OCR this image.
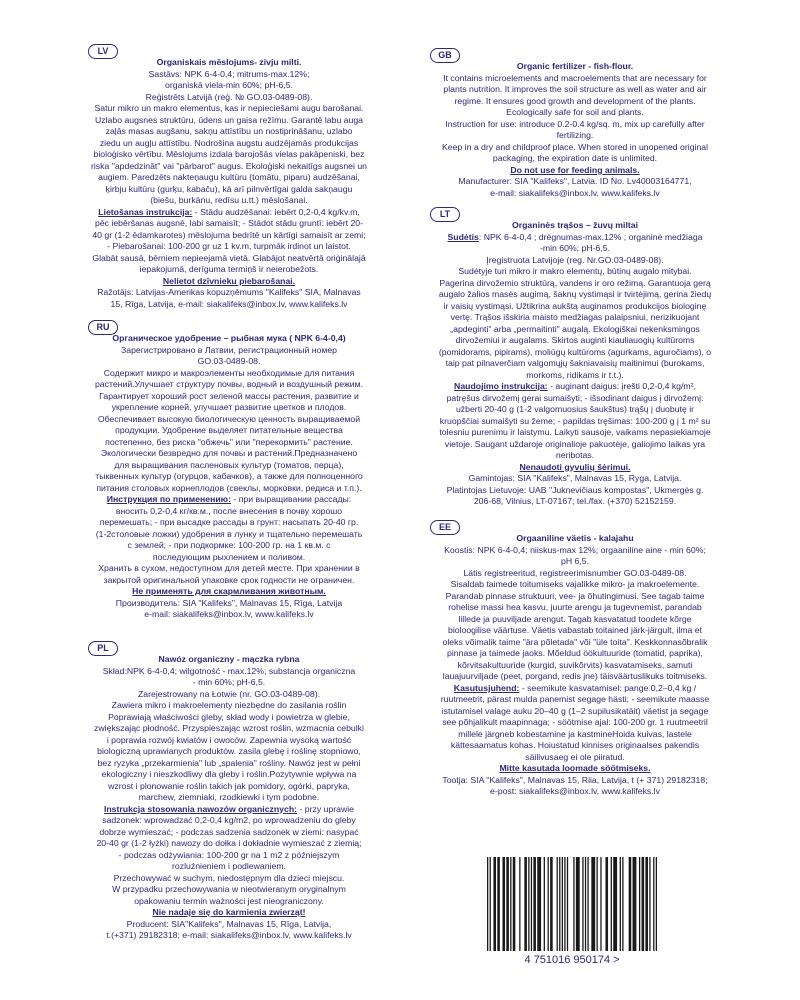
LV
Organiskais mēslojums- zivju milti.
Sastāvs: NPK 6-4-0,4; mitrums-max.12%;
organiskā viela-min 60%; pH-6,5.
Reģistrēts Latvijā (reģ. № GO.03-0489-08).
Satur mikro un makro elementus, kas ir nepieciešami augu barošanai.
Uzlabo augsnes struktūru, ūdens un gaisa režīmu. Garantē labu auga
zaļās masas augšanu, sakņu attīstību un nostiprināšanu, uzlabo
ziedu un augļu attīstību. Nodrošina augstu audzējamās produkcijas
bioloģisko vērtību. Mēslojums izdala barojošās vielas pakāpeniski, bez
riska "apdedzināt" vai "pārbarot" augus. Ekoloģiski nekaitīgs augsnei un
augiem. Paredzēts nakteņaugu kultūru (tomātu, piparu) audzēšanai,
ķirbju kultūru (gurķu, kabaču), kā arī pilnvērtīgai galda sakņaugu
(biešu, burkānu, redīsu u.tt.) mēslošanai.
Lietošanas instrukcija: - Stādu audzēšanai: iebērt 0,2-0,4 kg/kv.m,
pēc iebēršanas augsnē, labi samaisīt; - Stādot stādu gruntī: iebērt 20-
40 gr (1-2 ēdamkarotes) mēslojuma bedrītē un kārtīgi samaisīt ar zemi;
- Piebarošanai: 100-200 gr uz 1 kv.m, turpmāk irdinot un laistot.
Glabāt sausā, bērniem nepieejamā vietā. Glabājot neatvērtā oriģinālajā
iepakojumā, derīguma termiņš ir neierobežots.
Nelietot dzīvnieku piebarošanai.
Ražotājs: Latvijas-Amerikas kopuzņēmums "Kalifeks" SIA, Malnavas
15, Rīga, Latvija, e-mail: siakalifeks@inbox.lv, www.kalifeks.lv
RU
Органическое удобрение – рыбная мука ( NPK 6-4-0,4)
Зарегистрировано в Латвии, регистрационный номер
GO.03-0489-08.
Содержит микро и макроэлементы необходимые для питания
растений.Улучшает структуру почвы, водный и воздушный режим.
Гарантирует хороший рост зеленой массы растения, развитие и
укрепление корней, улучшает развитие цветков и плодов.
Обеспечивает высокую биологическую ценность выращиваемой
продукции. Удобрение выделяет питательные вещества
постепенно, без риска "обжечь" или "перекормить" растение.
Экологически безвредно для почвы и растений.Предназначено
для выращивания пасленовых культур (томатов, перца),
тыквенных культур (огурцов, кабачков), а также для полноценного
питания столовых корнеплодов (свеклы, морковки, редиса и т.п.).
Инструкция по применению: - при выращивании рассады:
вносить 0,2-0,4 кг/кв.м., после внесения в почву хорошо
перемешать; - при высадке рассады в грунт: насыпать 20-40 гр.
(1-2столовые ложки) удобрения в лунку и тщательно перемешать
с землей; - при подкормке: 100-200 гр. на 1 кв.м. с
последующим рыхлением и поливом.
Хранить в сухом, недоступном для детей месте. При хранении в
закрытой оригинальной упаковке срок годности не ограничен.
Не применять для скармливания животным.
Производитель: SIA "Kalifeks", Malnavas 15, Rīga, Latvija
e-mail: siakalifeks@inbox.lv, www.kalifeks.lv
PL
Nawóz organiczny - mączka rybna
Skład:NPK 6-4-0,4; wilgotność - max.12%; substancja organiczna
- min 60%; pH-6,5.
Zarejestrowany na Łotwie (nr. GO.03-0489-08).
Zawiera mikro i makroelementy niezbędne do zasilania roślin
Poprawiają właściwości gleby, skład wody i powietrza w glebie,
zwiększając płodność. Przyspieszając wzrost roślin, wzmacnia cebulki
i poprawia rozwój kwiatów i owoców. Zapewnia wysoką wartość
biologiczną uprawianych produktów. zasila glebę i roślinę stopniowo,
bez ryzyka „przekarmienia" lub „spalenia" rośliny. Nawóz jest w pełni
ekologiczny i nieszkodliwy dla gleby i roślin.Pozytywnie wpływa na
wzrost i plonowanie roślin takich jak pomidory, ogórki, papryka,
marchew, ziemniaki, rzodkiewki i tym podobne.
Instrukcja stosowania nawozów organicznych: - przy uprawie
sadzonek: wprowadzać 0,2-0,4 kg/m2, po wprowadzeniu do gleby
dobrze wymieszać; - podczas sadzenia sadzonek w ziemi: nasypać
20-40 gr (1-2 łyżki) nawozy do dołka i dokładnie wymieszać z ziemią;
- podczas odżywiania: 100-200 gr na 1 m2 z późniejszym
rozluźnieniem i podlewaniem.
Przechowywać w suchym, niedostępnym dla dzieci miejscu.
W przypadku przechowywania w nieotwieranym oryginalnym
opakowaniu termin ważności jest nieograniczony.
Nie nadaje się do karmienia zwierząt!
Producent: SIA"Kalifeks", Malnavas 15, Rīga, Latvija,
t.(+371) 29182318; e-mail: siakalifeks@inbox.lv, www.kalifeks.lv
GB
Organic fertilizer - fish-flour.
It contains microelements and macroelements that are necessary for
plants nutrition. It improves the soil structure as well as water and air
regime. It ensures good growth and development of the plants.
Ecologically safe for soil and plants.
Instruction for use: introduce 0.2-0.4 kg/sq. m, mix up carefully after
fertilizing.
Keep in a dry and childproof place. When stored in unopened original
packaging, the expiration date is unlimited.
Do not use for feeding animals.
Manufacturer: SIA "Kalifeks", Latvia. ID No. Lv40003164771,
e-mail: siakalifeks@inbox.lv, www.kalifeks.lv
LT
Organinės trąšos – žuvų miltai
Sudėtis: NPK 6-4-0,4 ; drėgnumas-max.12% ; organinė medžiaga
-min 60%; pH-6,5.
Įregistruota Latvijoje (reg. Nr.GO.03-0489-08).
Sudėtyje turi mikro ir makro elementų, būtinų augalo mitybai.
Pagerina dirvožemio struktūrą, vandens ir oro režimą. Garantuoja gerą
augalo žalios masės augimą, šaknų vystimąsi ir tvirtėjimą, gerina žiedų
ir vaisių vystimąsi. Užtikrina aukštą auginamos produkcijos biologinę
vertę. Trąšos išskiria maisto medžiagas palaipsniui, nerizikuojant
„apdeginti" arba „permaitinti" augalą. Ekologiškai nekenksmingos
dirvožemiui ir augalams. Skirtos auginti kiauliauogių kultūroms
(pomidorams, pipirams), moliūgų kultūroms (agurkams, aguročiams), o
taip pat pilnaverčiam valgomųjų šakniavaisių maitinimui (burokams,
morkoms, ridikams ir t.t.).
Naudojimo instrukcija: - auginant daigus: įrešti 0,2-0,4 kg/m²,
patręšus dirvožemį gerai sumaišyti; - išsodinant daigus į dirvožemį:
užberti 20-40 g (1-2 valgomuosius šaukštus) trąšų į duobutę ir
kruopščiai sumaišyti su žeme; - papildas tręšimas: 100-200 g į 1 m² su
tolesniu purenimu ir laistymu. Laikyti sausoje, vaikams nepasiekiamoje
vietoje. Saugant uždaroje originalioje pakuotėje, galiojimo laikas yra
neribotas.
Nenaudoti gyvulių šėrimui.
Gamintojas: SIA "Kalifeks", Malnavas 15, Ryga, Latvija.
Platintojas Lietuvoje: UAB "Juknevičiaus kompostas", Ukmergės g.
206-68, Vilnius, LT-07167; tel./fax. (+370) 52152159.
EE
Orgaaniline väetis - kalajahu
Koostis: NPK 6-4-0,4; niiskus-max 12%; orgaaniline aine - min 60%;
pH 6,5.
Lätis registreeritud, registreerimisnumber GO.03-0489-08.
Sisaldab taimede toitumiseks vajalikke mikro- ja makroelemente.
Parandab pinnase struktuuri, vee- ja õhutingimusi. See tagab taime
rohelise massi hea kasvu, juurte arengu ja tugevnemist, parandab
lillede ja puuviljade arengut. Tagab kasvatatud toodete kõrge
bioloogilise väärtuse. Väetis vabastab toitained järk-järgult, ilma et
oleks võimalik taime "ära põletada" või "üle toita". Keskkonnasõbralik
pinnase ja taimede jaoks. Mõeldud öökultuuride (tomatid, paprika),
kõrvitsakultuuride (kurgid, suvikõrvits) kasvatamiseks, samuti
lauajuurviljade (peet, porgand, redis jne) täisväärtuslikuks toitmiseks.
Kasutusjuhend: - seemikute kasvatamisel: pange 0,2–0,4 kg /
ruutmeetrit, pärast mulda panemist segage hästi; - seemikute maasse
istutamisel valage auku 20–40 g (1–2 supilusikatäit) väetist ja segage
see põhjalikult maapinnaga; - söötmise ajal: 100-200 gr. 1 ruutmeetril
millele järgneb kobestamine ja kastmineHoida kuivas, lastele
kättesaamatus kohas. Hoiustatud kinnises originaalses pakendis
säilivusaeg ei ole piiratud.
Mitte kasutada loomade söötmiseks.
Tootja: SIA "Kalifeks", Malnavas 15, Riia, Latvija, t (+ 371) 29182318;
e-post: siakalifeks@inbox.lv, www.kalifeks.lv
4 751016 950174 >
